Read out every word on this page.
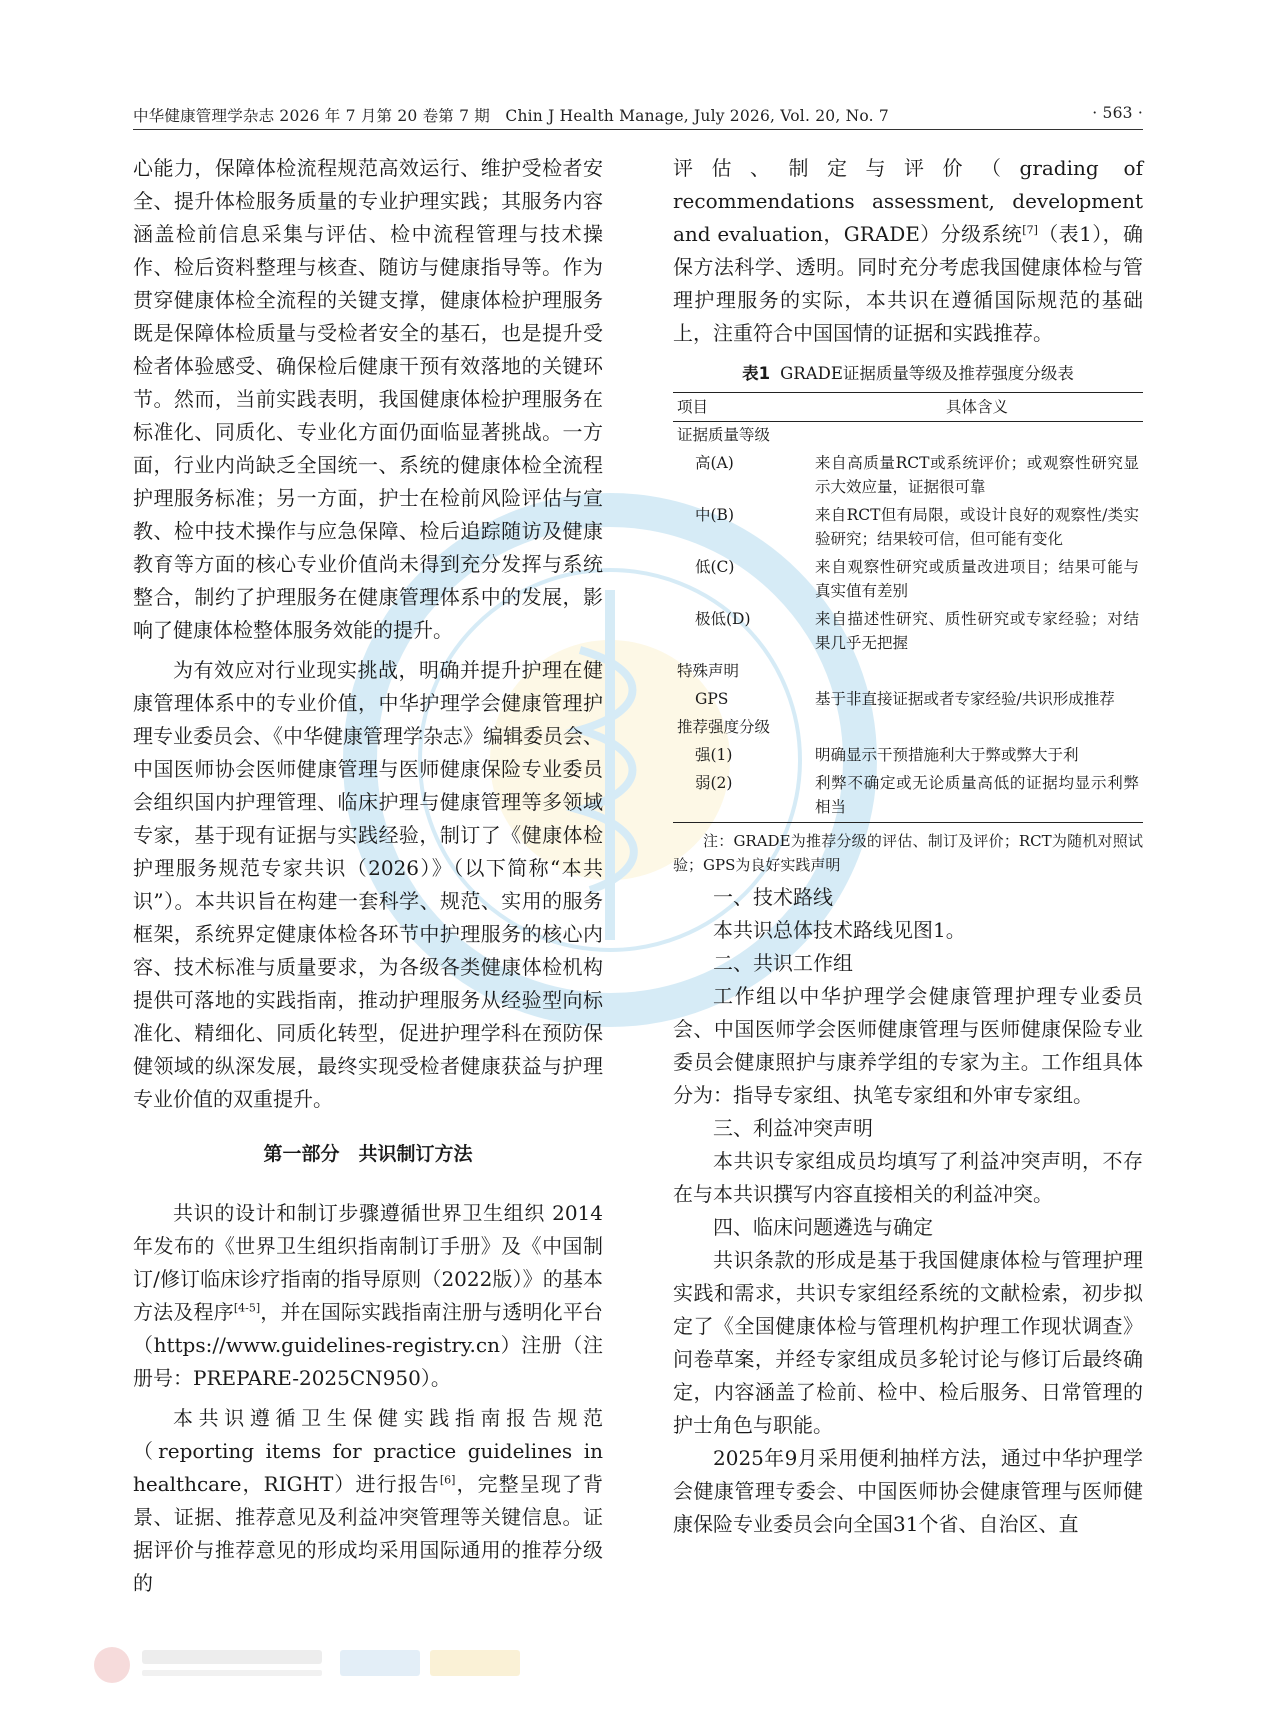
中华健康管理学杂志 2026 年 7 月第 20 卷第 7 期 Chin J Health Manage, July 2026, Vol. 20, No. 7	· 563 ·

心能力，保障体检流程规范高效运行、维护受检者安全、提升体检服务质量的专业护理实践；其服务内容涵盖检前信息采集与评估、检中流程管理与技术操作、检后资料整理与核查、随访与健康指导等。作为贯穿健康体检全流程的关键支撑，健康体检护理服务既是保障体检质量与受检者安全的基石，也是提升受检者体验感受、确保检后健康干预有效落地的关键环节。然而，当前实践表明，我国健康体检护理服务在标准化、同质化、专业化方面仍面临显著挑战。一方面，行业内尚缺乏全国统一、系统的健康体检全流程护理服务标准；另一方面，护士在检前风险评估与宣教、检中技术操作与应急保障、检后追踪随访及健康教育等方面的核心专业价值尚未得到充分发挥与系统整合，制约了护理服务在健康管理体系中的发展，影响了健康体检整体服务效能的提升。

为有效应对行业现实挑战，明确并提升护理在健康管理体系中的专业价值，中华护理学会健康管理护理专业委员会、《中华健康管理学杂志》编辑委员会、中国医师协会医师健康管理与医师健康保险专业委员会组织国内护理管理、临床护理与健康管理等多领域专家，基于现有证据与实践经验，制订了《健康体检护理服务规范专家共识（2026）》（以下简称“本共识”）。本共识旨在构建一套科学、规范、实用的服务框架，系统界定健康体检各环节中护理服务的核心内容、技术标准与质量要求，为各级各类健康体检机构提供可落地的实践指南，推动护理服务从经验型向标准化、精细化、同质化转型，促进护理学科在预防保健领域的纵深发展，最终实现受检者健康获益与护理专业价值的双重提升。

第一部分　共识制订方法

共识的设计和制订步骤遵循世界卫生组织 2014 年发布的《世界卫生组织指南制订手册》及《中国制订/修订临床诊疗指南的指导原则（2022版）》的基本方法及程序[4-5]，并在国际实践指南注册与透明化平台（https://www.guidelines-registry.cn）注册（注册号：PREPARE-2025CN950）。

本共识遵循卫生保健实践指南报告规范（reporting items for practice guidelines in healthcare，RIGHT）进行报告[6]，完整呈现了背景、证据、推荐意见及利益冲突管理等关键信息。证据评价与推荐意见的形成均采用国际通用的推荐分级的

评估、制定与评价（grading of recommendations assessment, development and evaluation，GRADE）分级系统[7]（表1），确保方法科学、透明。同时充分考虑我国健康体检与管理护理服务的实际，本共识在遵循国际规范的基础上，注重符合中国国情的证据和实践推荐。

表1 GRADE证据质量等级及推荐强度分级表

项目	具体含义
证据质量等级	
高(A)	来自高质量RCT或系统评价；或观察性研究显示大效应量，证据很可靠
中(B)	来自RCT但有局限，或设计良好的观察性/类实验研究；结果较可信，但可能有变化
低(C)	来自观察性研究或质量改进项目；结果可能与真实值有差别
极低(D)	来自描述性研究、质性研究或专家经验；对结果几乎无把握
特殊声明	
GPS	基于非直接证据或者专家经验/共识形成推荐
推荐强度分级	
强(1)	明确显示干预措施利大于弊或弊大于利
弱(2)	利弊不确定或无论质量高低的证据均显示利弊相当

注：GRADE为推荐分级的评估、制订及评价；RCT为随机对照试验；GPS为良好实践声明

一、技术路线

本共识总体技术路线见图1。

二、共识工作组

工作组以中华护理学会健康管理护理专业委员会、中国医师学会医师健康管理与医师健康保险专业委员会健康照护与康养学组的专家为主。工作组具体分为：指导专家组、执笔专家组和外审专家组。

三、利益冲突声明

本共识专家组成员均填写了利益冲突声明，不存在与本共识撰写内容直接相关的利益冲突。

四、临床问题遴选与确定

共识条款的形成是基于我国健康体检与管理护理实践和需求，共识专家组经系统的文献检索，初步拟定了《全国健康体检与管理机构护理工作现状调查》问卷草案，并经专家组成员多轮讨论与修订后最终确定，内容涵盖了检前、检中、检后服务、日常管理的护士角色与职能。

2025年9月采用便利抽样方法，通过中华护理学会健康管理专委会、中国医师协会健康管理与医师健康保险专业委员会向全国31个省、自治区、直
